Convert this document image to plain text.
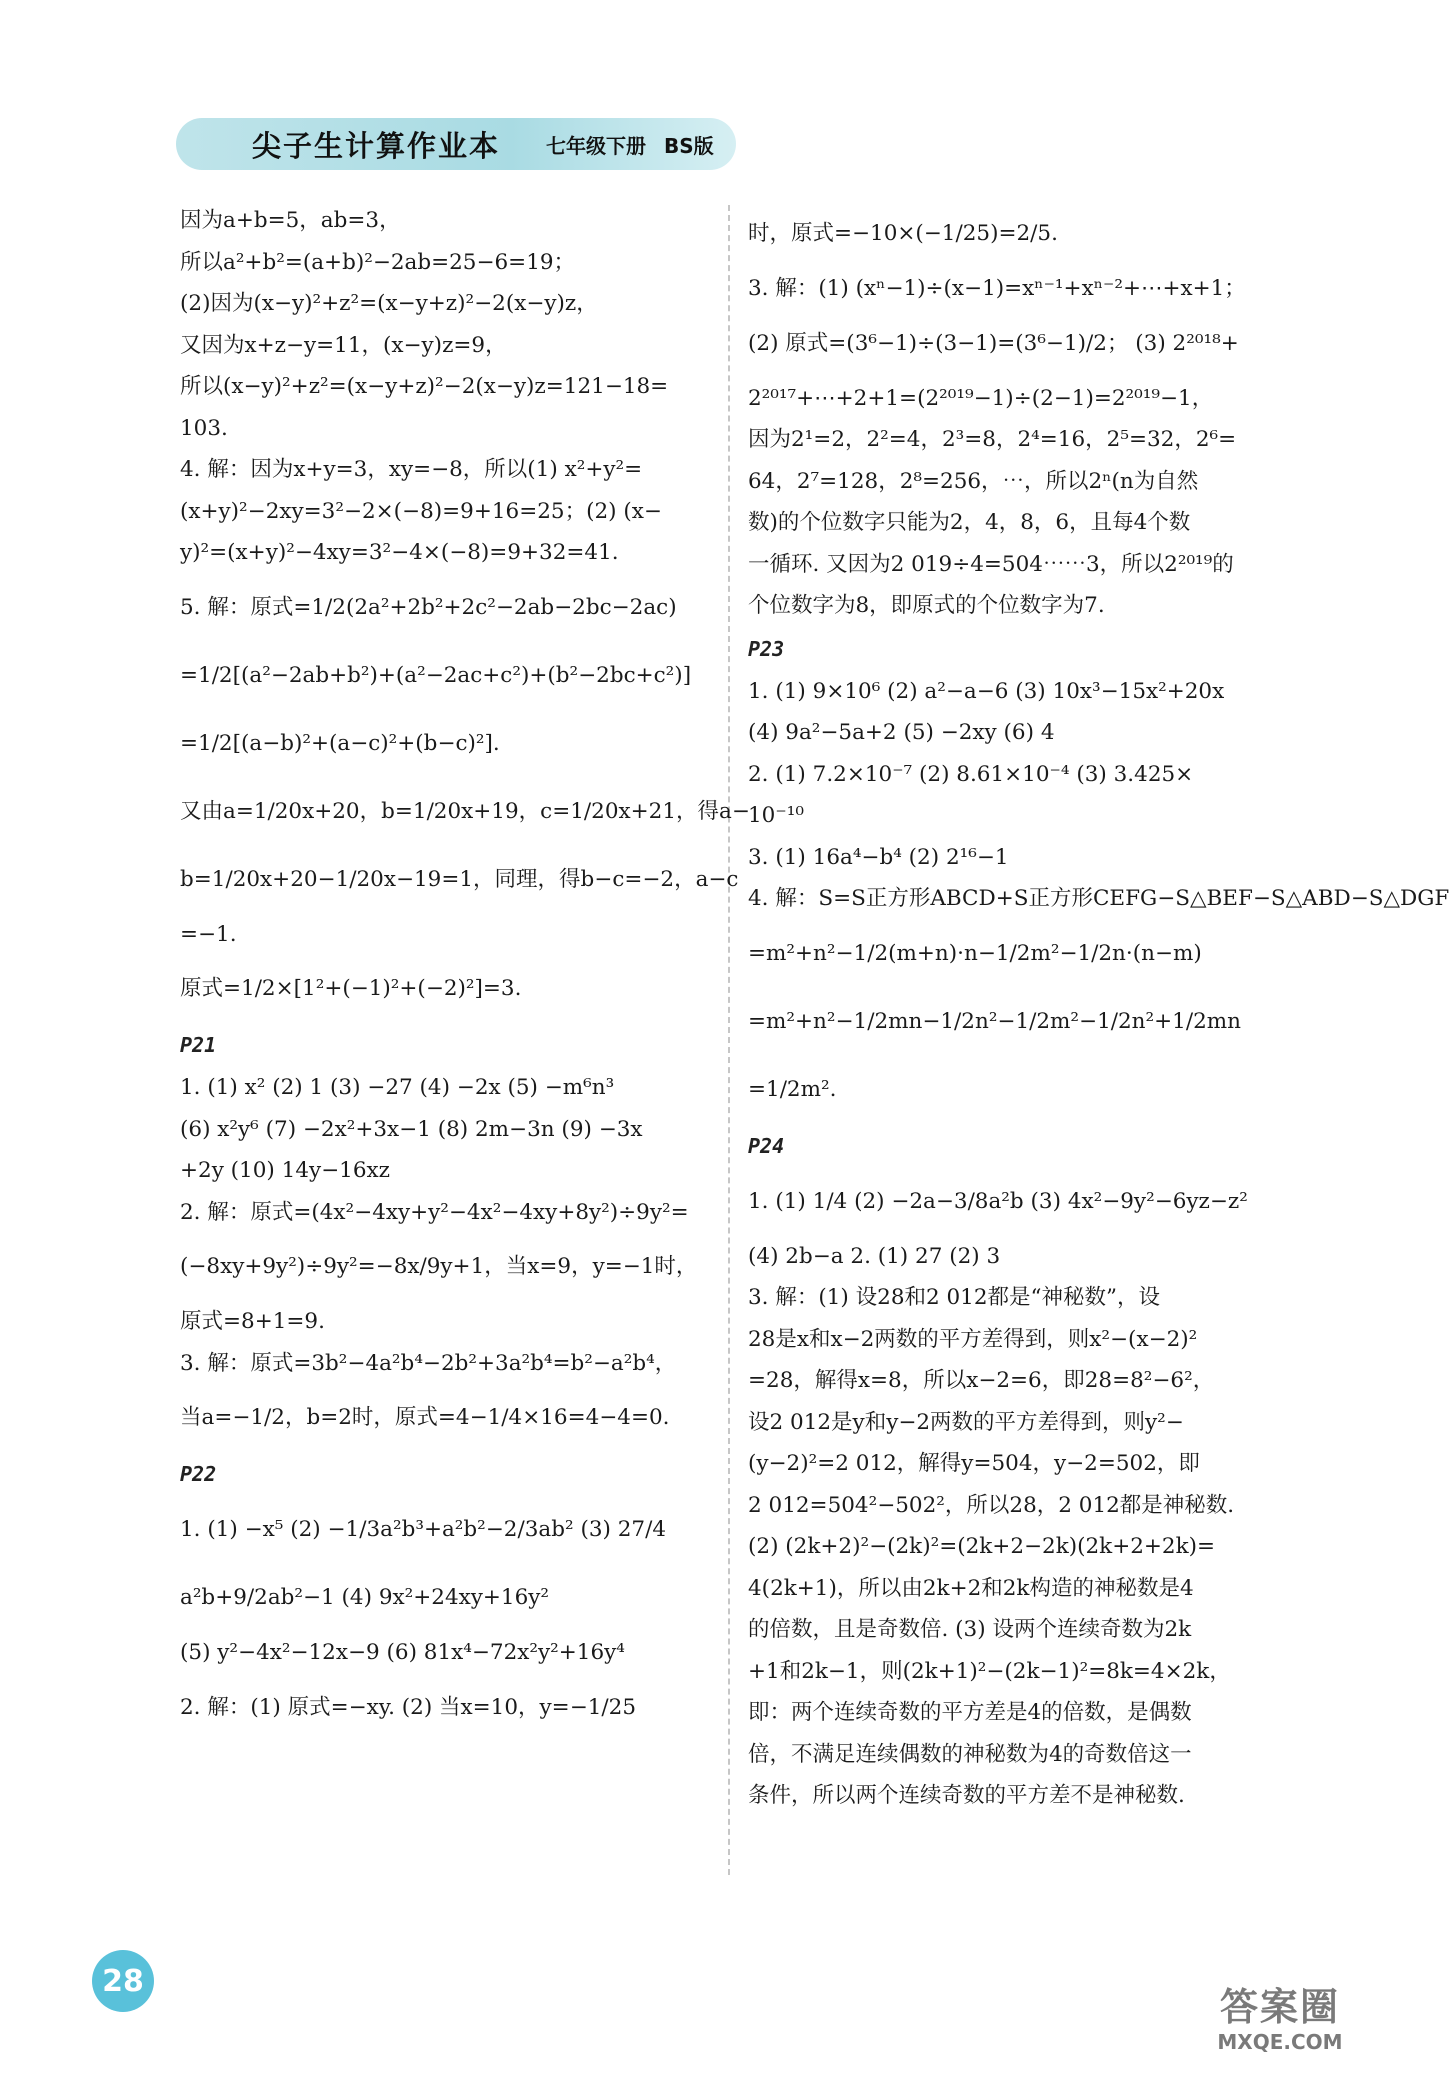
尖子生计算作业本 七年级下册 BS版
因为a+b=5，ab=3，
所以a²+b²=(a+b)²−2ab=25−6=19；
(2)因为(x−y)²+z²=(x−y+z)²−2(x−y)z，
又因为x+z−y=11，(x−y)z=9，
所以(x−y)²+z²=(x−y+z)²−2(x−y)z=121−18=
103.
4. 解：因为x+y=3，xy=−8，所以(1) x²+y²=
(x+y)²−2xy=3²−2×(−8)=9+16=25；(2) (x−
y)²=(x+y)²−4xy=3²−4×(−8)=9+32=41.
5. 解：原式=1/2(2a²+2b²+2c²−2ab−2bc−2ac)
=1/2[(a²−2ab+b²)+(a²−2ac+c²)+(b²−2bc+c²)]
=1/2[(a−b)²+(a−c)²+(b−c)²].
又由a=1/20x+20，b=1/20x+19，c=1/20x+21，得a−
b=1/20x+20−1/20x−19=1，同理，得b−c=−2，a−c
=−1.
原式=1/2×[1²+(−1)²+(−2)²]=3.
P21
1. (1) x² (2) 1 (3) −27 (4) −2x (5) −m⁶n³
(6) x²y⁶ (7) −2x²+3x−1 (8) 2m−3n (9) −3x
+2y (10) 14y−16xz
2. 解：原式=(4x²−4xy+y²−4x²−4xy+8y²)÷9y²=
(−8xy+9y²)÷9y²=−8x/9y+1，当x=9，y=−1时，
原式=8+1=9.
3. 解：原式=3b²−4a²b⁴−2b²+3a²b⁴=b²−a²b⁴，
当a=−1/2，b=2时，原式=4−1/4×16=4−4=0.
P22
1. (1) −x⁵ (2) −1/3a²b³+a²b²−2/3ab² (3) 27/4
a²b+9/2ab²−1 (4) 9x²+24xy+16y²
(5) y²−4x²−12x−9 (6) 81x⁴−72x²y²+16y⁴
2. 解：(1) 原式=−xy. (2) 当x=10，y=−1/25
时，原式=−10×(−1/25)=2/5.
3. 解：(1) (xⁿ−1)÷(x−1)=xⁿ⁻¹+xⁿ⁻²+⋯+x+1；
(2) 原式=(3⁶−1)÷(3−1)=(3⁶−1)/2； (3) 2²⁰¹⁸+
2²⁰¹⁷+⋯+2+1=(2²⁰¹⁹−1)÷(2−1)=2²⁰¹⁹−1，
因为2¹=2，2²=4，2³=8，2⁴=16，2⁵=32，2⁶=
64，2⁷=128，2⁸=256，⋯，所以2ⁿ(n为自然
数)的个位数字只能为2，4，8，6，且每4个数
一循环. 又因为2 019÷4=504⋯⋯3，所以2²⁰¹⁹的
个位数字为8，即原式的个位数字为7.
P23
1. (1) 9×10⁶ (2) a²−a−6 (3) 10x³−15x²+20x
(4) 9a²−5a+2 (5) −2xy (6) 4
2. (1) 7.2×10⁻⁷ (2) 8.61×10⁻⁴ (3) 3.425×
10⁻¹⁰
3. (1) 16a⁴−b⁴ (2) 2¹⁶−1
4. 解：S=S正方形ABCD+S正方形CEFG−S△BEF−S△ABD−S△DGF
=m²+n²−1/2(m+n)·n−1/2m²−1/2n·(n−m)
=m²+n²−1/2mn−1/2n²−1/2m²−1/2n²+1/2mn
=1/2m².
P24
1. (1) 1/4 (2) −2a−3/8a²b (3) 4x²−9y²−6yz−z²
(4) 2b−a 2. (1) 27 (2) 3
3. 解：(1) 设28和2 012都是“神秘数”，设
28是x和x−2两数的平方差得到，则x²−(x−2)²
=28，解得x=8，所以x−2=6，即28=8²−6²，
设2 012是y和y−2两数的平方差得到，则y²−
(y−2)²=2 012，解得y=504，y−2=502，即
2 012=504²−502²，所以28，2 012都是神秘数.
(2) (2k+2)²−(2k)²=(2k+2−2k)(2k+2+2k)=
4(2k+1)，所以由2k+2和2k构造的神秘数是4
的倍数，且是奇数倍. (3) 设两个连续奇数为2k
+1和2k−1，则(2k+1)²−(2k−1)²=8k=4×2k，
即：两个连续奇数的平方差是4的倍数，是偶数
倍，不满足连续偶数的神秘数为4的奇数倍这一
条件，所以两个连续奇数的平方差不是神秘数.
28
答案圈
MXQE.COM
